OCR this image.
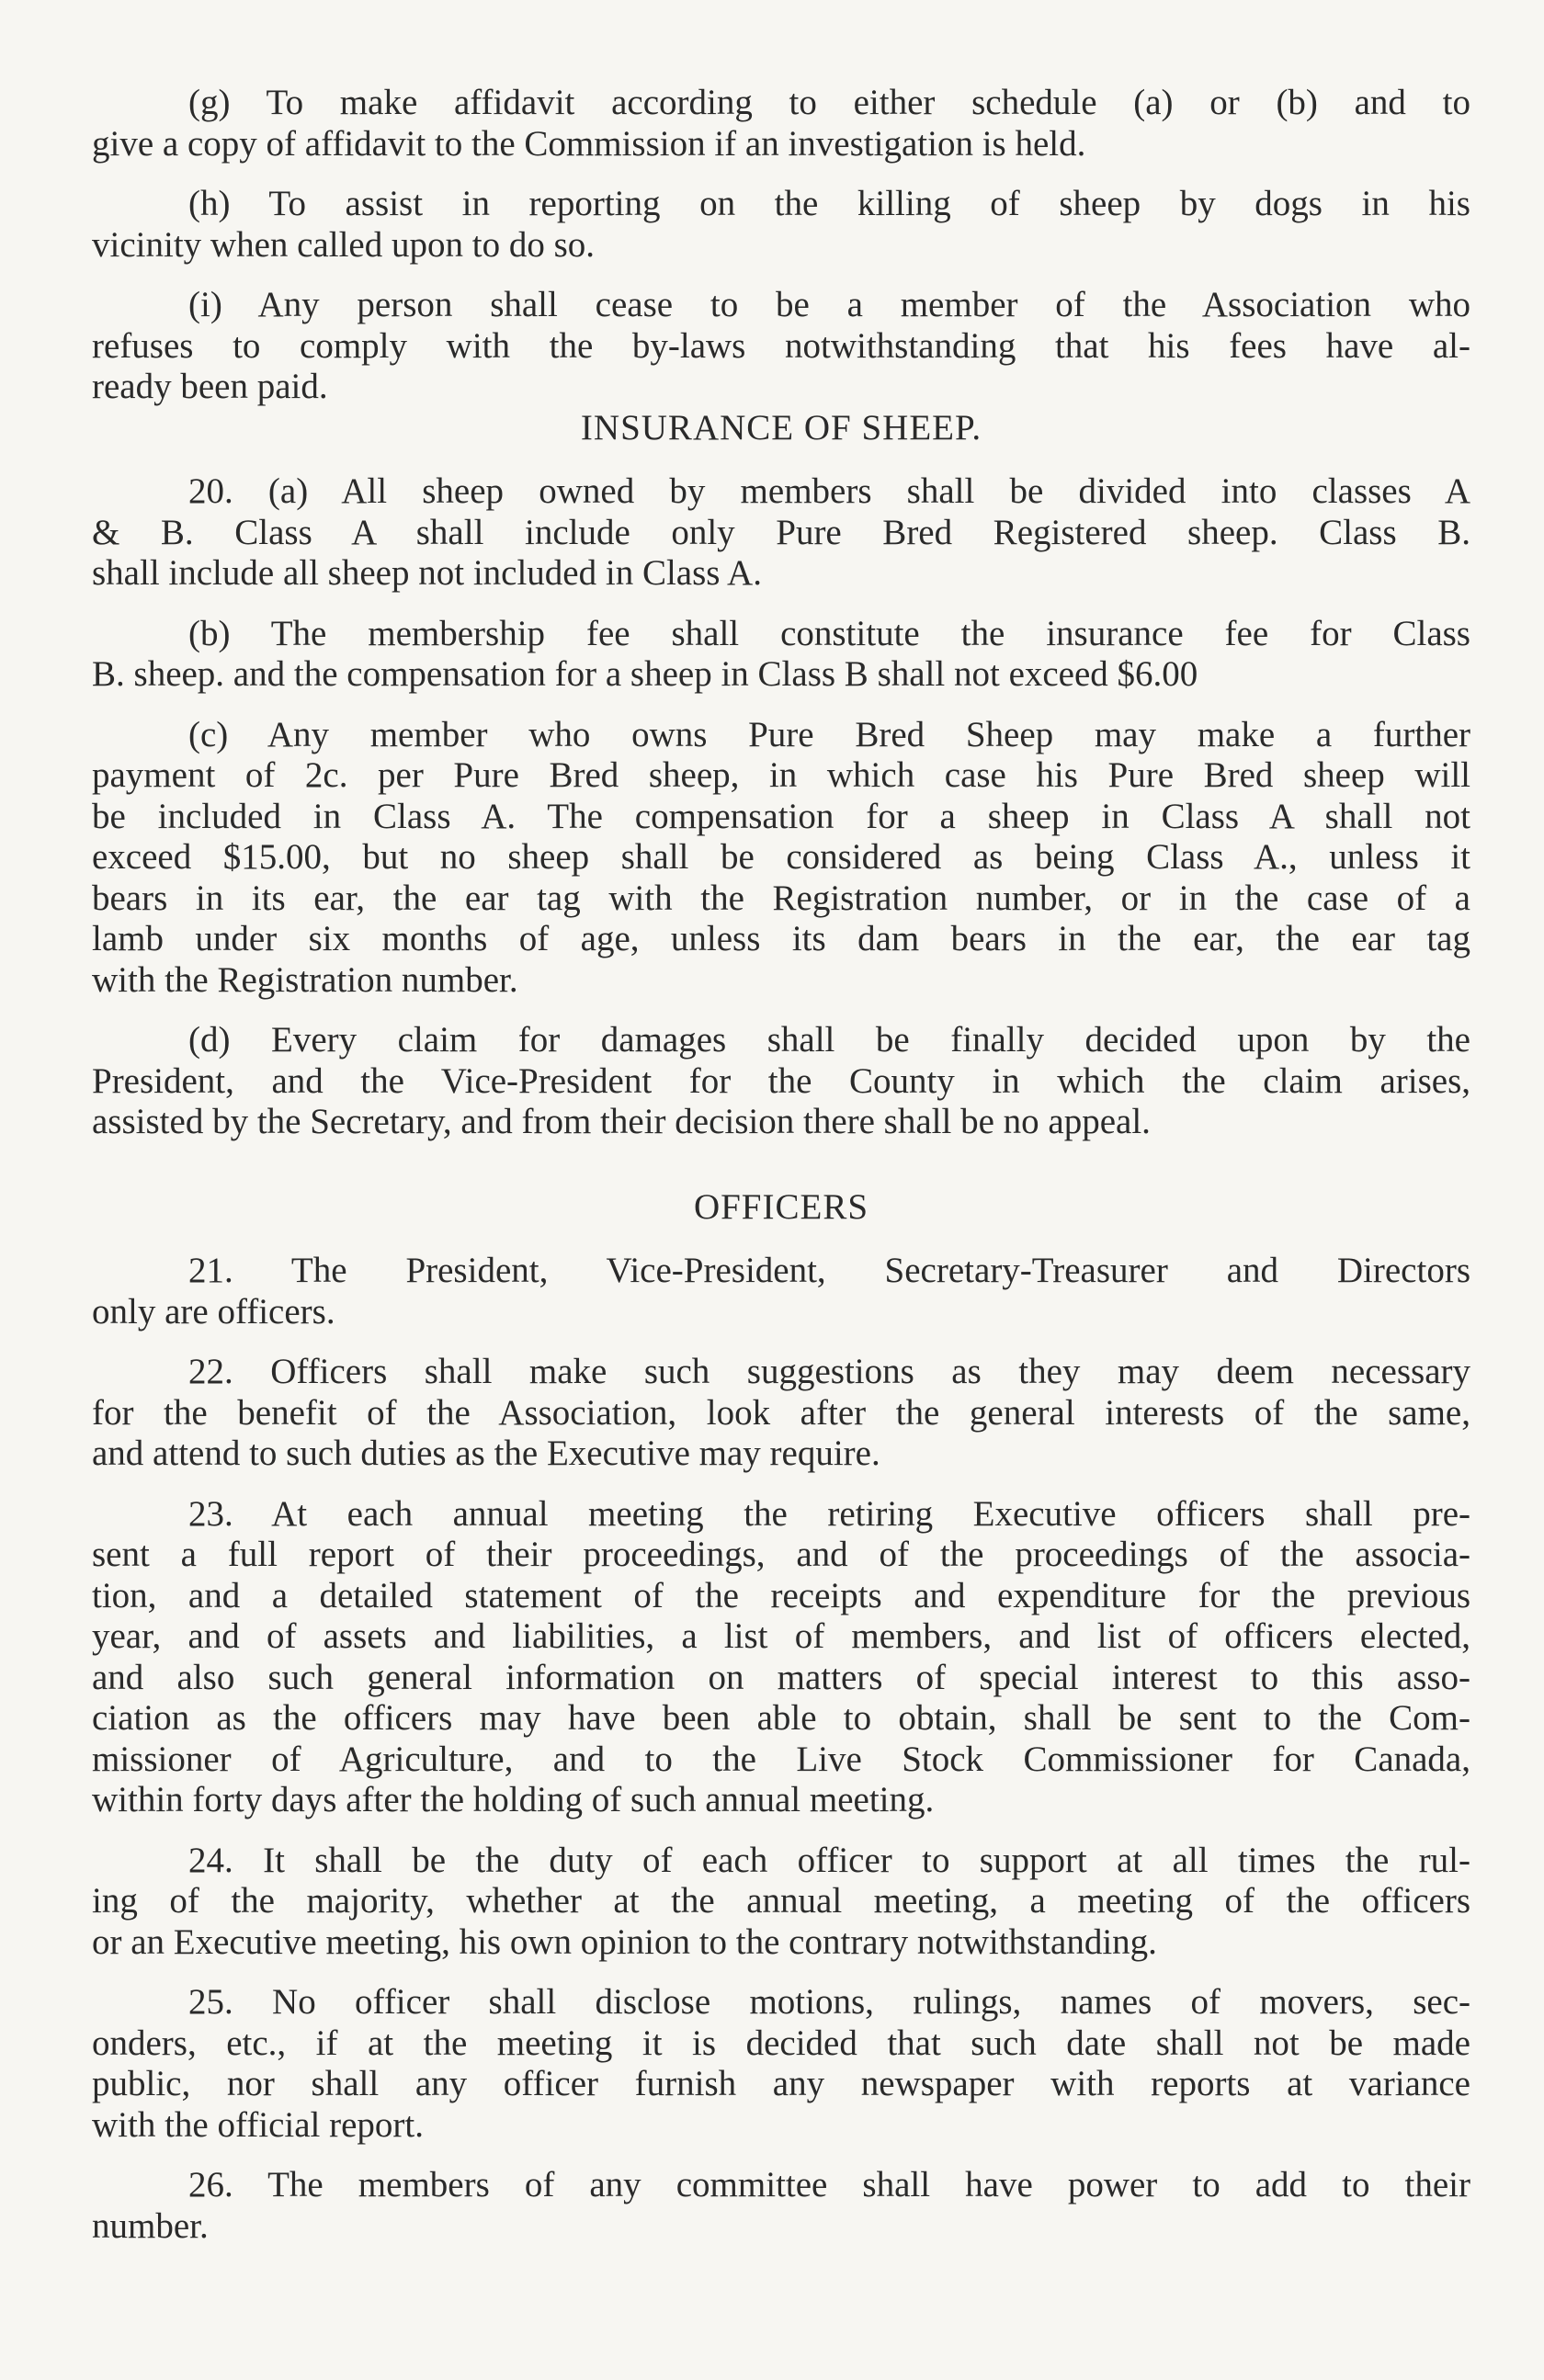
(g) To make affidavit according to either schedule (a) or (b) and to
give a copy of affidavit to the Commission if an investigation is held.

(h) To assist in reporting on the killing of sheep by dogs in his
vicinity when called upon to do so.

(i) Any person shall cease to be a member of the Association who
refuses to comply with the by-laws notwithstanding that his fees have al-
ready been paid.

INSURANCE OF SHEEP.

20. (a) All sheep owned by members shall be divided into classes A
& B. Class A shall include only Pure Bred Registered sheep. Class B.
shall include all sheep not included in Class A.

(b) The membership fee shall constitute the insurance fee for Class
B. sheep. and the compensation for a sheep in Class B shall not exceed $6.00

(c) Any member who owns Pure Bred Sheep may make a further
payment of 2c. per Pure Bred sheep, in which case his Pure Bred sheep will
be included in Class A. The compensation for a sheep in Class A shall not
exceed $15.00, but no sheep shall be considered as being Class A., unless it
bears in its ear, the ear tag with the Registration number, or in the case of a
lamb under six months of age, unless its dam bears in the ear, the ear tag
with the Registration number.

(d) Every claim for damages shall be finally decided upon by the
President, and the Vice-President for the County in which the claim arises,
assisted by the Secretary, and from their decision there shall be no appeal.

OFFICERS

21. The President, Vice-President, Secretary-Treasurer and Directors
only are officers.

22. Officers shall make such suggestions as they may deem necessary
for the benefit of the Association, look after the general interests of the same,
and attend to such duties as the Executive may require.

23. At each annual meeting the retiring Executive officers shall pre-
sent a full report of their proceedings, and of the proceedings of the associa-
tion, and a detailed statement of the receipts and expenditure for the previous
year, and of assets and liabilities, a list of members, and list of officers elected,
and also such general information on matters of special interest to this asso-
ciation as the officers may have been able to obtain, shall be sent to the Com-
missioner of Agriculture, and to the Live Stock Commissioner for Canada,
within forty days after the holding of such annual meeting.

24. It shall be the duty of each officer to support at all times the rul-
ing of the majority, whether at the annual meeting, a meeting of the officers
or an Executive meeting, his own opinion to the contrary notwithstanding.

25. No officer shall disclose motions, rulings, names of movers, sec-
onders, etc., if at the meeting it is decided that such date shall not be made
public, nor shall any officer furnish any newspaper with reports at variance
with the official report.

26. The members of any committee shall have power to add to their
number.
